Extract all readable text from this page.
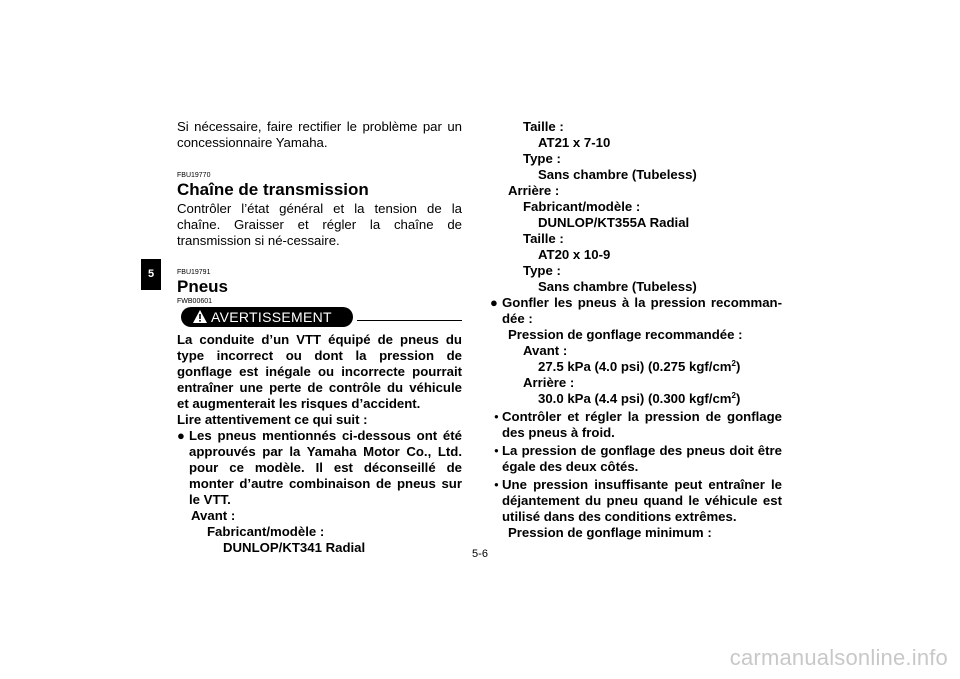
5
Si nécessaire, faire rectifier le problème par un concessionnaire Yamaha.
FBU19770
Chaîne de transmission
Contrôler l’état général et la tension de la chaîne. Graisser et régler la chaîne de transmission si né-cessaire.
FBU19791
Pneus
FWB00601
AVERTISSEMENT
La conduite d’un VTT équipé de pneus du type incorrect ou dont la pression de gonflage est inégale ou incorrecte pourrait entraîner une perte de contrôle du véhicule et augmenterait les risques d’accident.
Lire attentivement ce qui suit :
● Les pneus mentionnés ci-dessous ont été approuvés par la Yamaha Motor Co., Ltd. pour ce modèle. Il est déconseillé de monter d’autre combinaison de pneus sur le VTT.
Avant :
Fabricant/modèle :
DUNLOP/KT341 Radial
Taille :
AT21 x 7-10
Type :
Sans chambre (Tubeless)
Arrière :
Fabricant/modèle :
DUNLOP/KT355A Radial
Taille :
AT20 x 10-9
Type :
Sans chambre (Tubeless)
● Gonfler les pneus à la pression recomman-dée :
Pression de gonflage recommandée :
Avant :
27.5 kPa (4.0 psi) (0.275 kgf/$cm^2$)
Arrière :
30.0 kPa (4.4 psi) (0.300 kgf/$cm^2$)
● Contrôler et régler la pression de gonflage des pneus à froid.
● La pression de gonflage des pneus doit être égale des deux côtés.
● Une pression insuffisante peut entraîner le déjantement du pneu quand le véhicule est utilisé dans des conditions extrêmes.
Pression de gonflage minimum :
5-6
carmanualsonline.info
